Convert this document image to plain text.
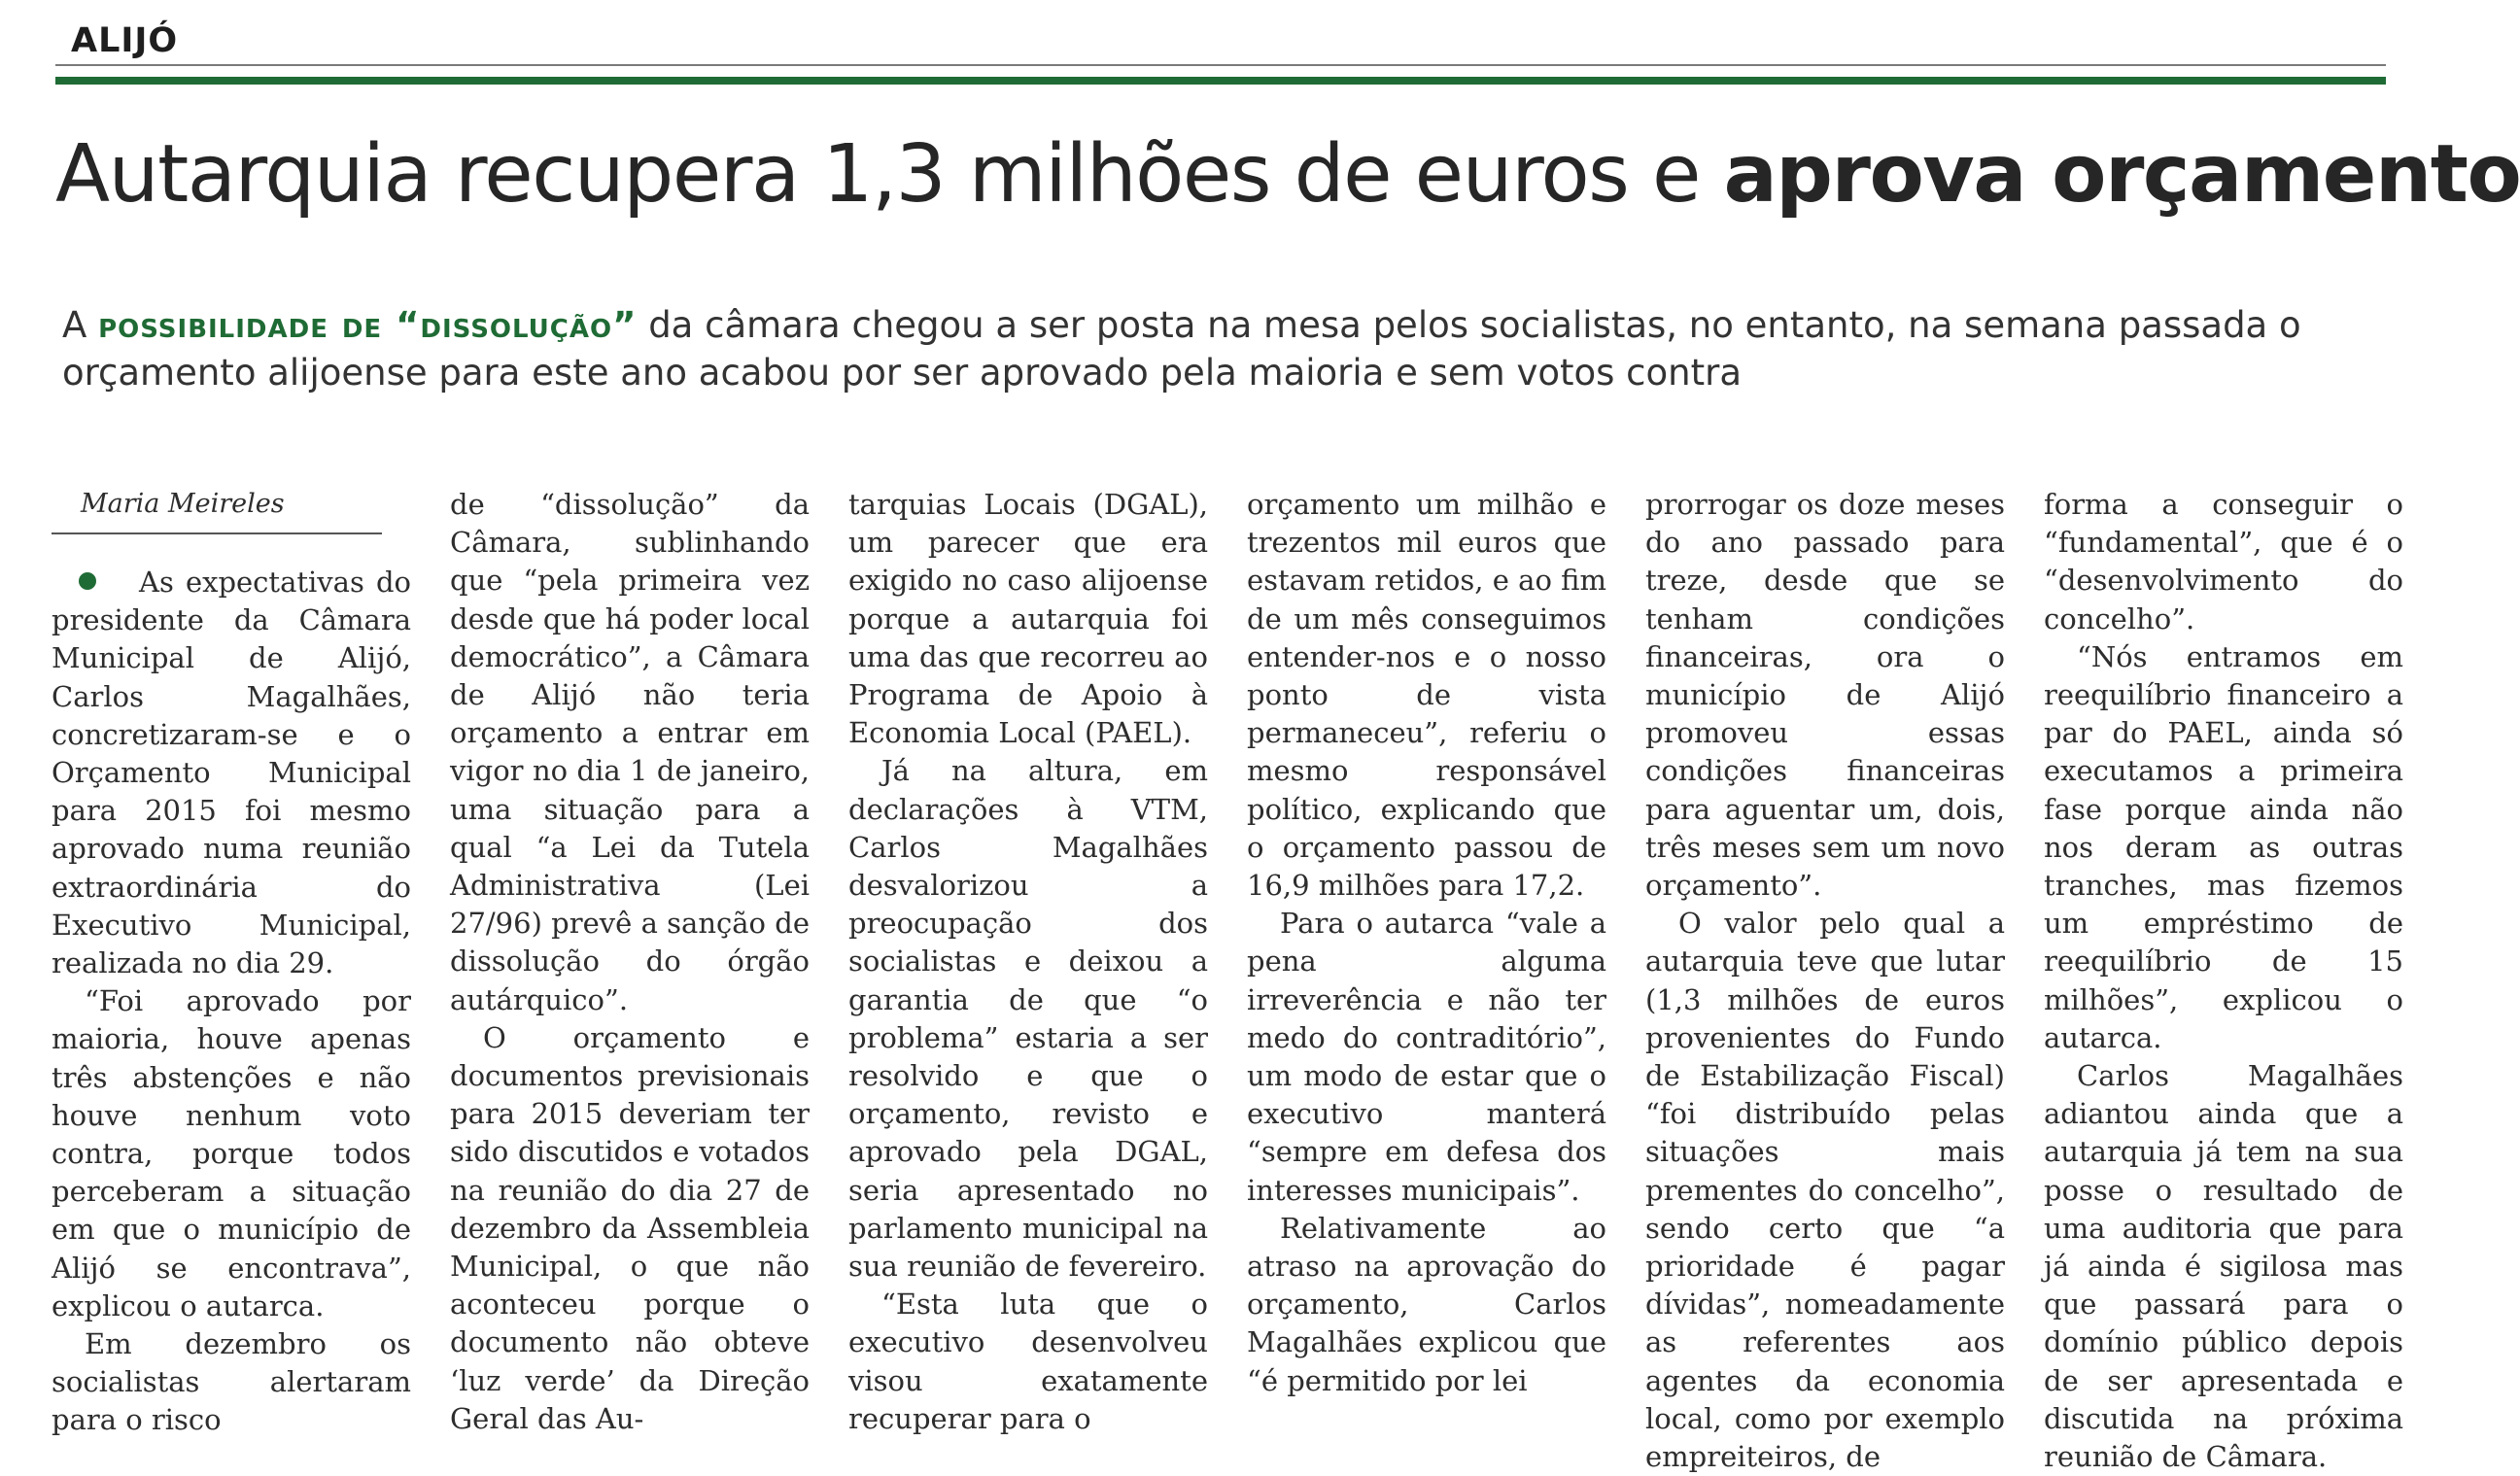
ALIJÓ
Autarquia recupera 1,3 milhões de euros e aprova orçamento
A possibilidade de “dissolução” da câmara chegou a ser posta na mesa pelos socialistas, no entanto, na semana passada o orçamento alijoense para este ano acabou por ser aprovado pela maioria e sem votos contra
Maria Meireles

As expectativas do presidente da Câmara Municipal de Alijó, Carlos Magalhães, concretizaram-se e o Orçamento Municipal para 2015 foi mesmo aprovado numa reunião extraordinária do Executivo Municipal, realizada no dia 29.

“Foi aprovado por maioria, houve apenas três abstenções e não houve nenhum voto contra, porque todos perceberam a situação em que o município de Alijó se encontrava”, explicou o autarca.

Em dezembro os socialistas alertaram para o risco

de “dissolução” da Câmara, sublinhando que “pela primeira vez desde que há poder local democrático”, a Câmara de Alijó não teria orçamento a entrar em vigor no dia 1 de janeiro, uma situação para a qual “a Lei da Tutela Administrativa (Lei 27/96) prevê a sanção de dissolução do órgão autárquico”.

O orçamento e documentos previsionais para 2015 deveriam ter sido discutidos e votados na reunião do dia 27 de dezembro da Assembleia Municipal, o que não aconteceu porque o documento não obteve ‘luz verde’ da Direção Geral das Au-

tarquias Locais (DGAL), um parecer que era exigido no caso alijoense porque a autarquia foi uma das que recorreu ao Programa de Apoio à Economia Local (PAEL).

Já na altura, em declarações à VTM, Carlos Magalhães desvalorizou a preocupação dos socialistas e deixou a garantia de que “o problema” estaria a ser resolvido e que o orçamento, revisto e aprovado pela DGAL, seria apresentado no parlamento municipal na sua reunião de fevereiro.

“Esta luta que o executivo desenvolveu visou exatamente recuperar para o

orçamento um milhão e trezentos mil euros que estavam retidos, e ao fim de um mês conseguimos entender-nos e o nosso ponto de vista permaneceu”, referiu o mesmo responsável político, explicando que o orçamento passou de 16,9 milhões para 17,2.

Para o autarca “vale a pena alguma irreverência e não ter medo do contraditório”, um modo de estar que o executivo manterá “sempre em defesa dos interesses municipais”.

Relativamente ao atraso na aprovação do orçamento, Carlos Magalhães explicou que “é permitido por lei

prorrogar os doze meses do ano passado para treze, desde que se tenham condições financeiras, ora o município de Alijó promoveu essas condições financeiras para aguentar um, dois, três meses sem um novo orçamento”.

O valor pelo qual a autarquia teve que lutar (1,3 milhões de euros provenientes do Fundo de Estabilização Fiscal) “foi distribuído pelas situações mais prementes do concelho”, sendo certo que “a prioridade é pagar dívidas”, nomeadamente as referentes aos agentes da economia local, como por exemplo empreiteiros, de

forma a conseguir o “fundamental”, que é o “desenvolvimento do concelho”.

“Nós entramos em reequilíbrio financeiro a par do PAEL, ainda só executamos a primeira fase porque ainda não nos deram as outras tranches, mas fizemos um empréstimo de reequilíbrio de 15 milhões”, explicou o autarca.

Carlos Magalhães adiantou ainda que a autarquia já tem na sua posse o resultado de uma auditoria que para já ainda é sigilosa mas que passará para o domínio público depois de ser apresentada e discutida na próxima reunião de Câmara.
